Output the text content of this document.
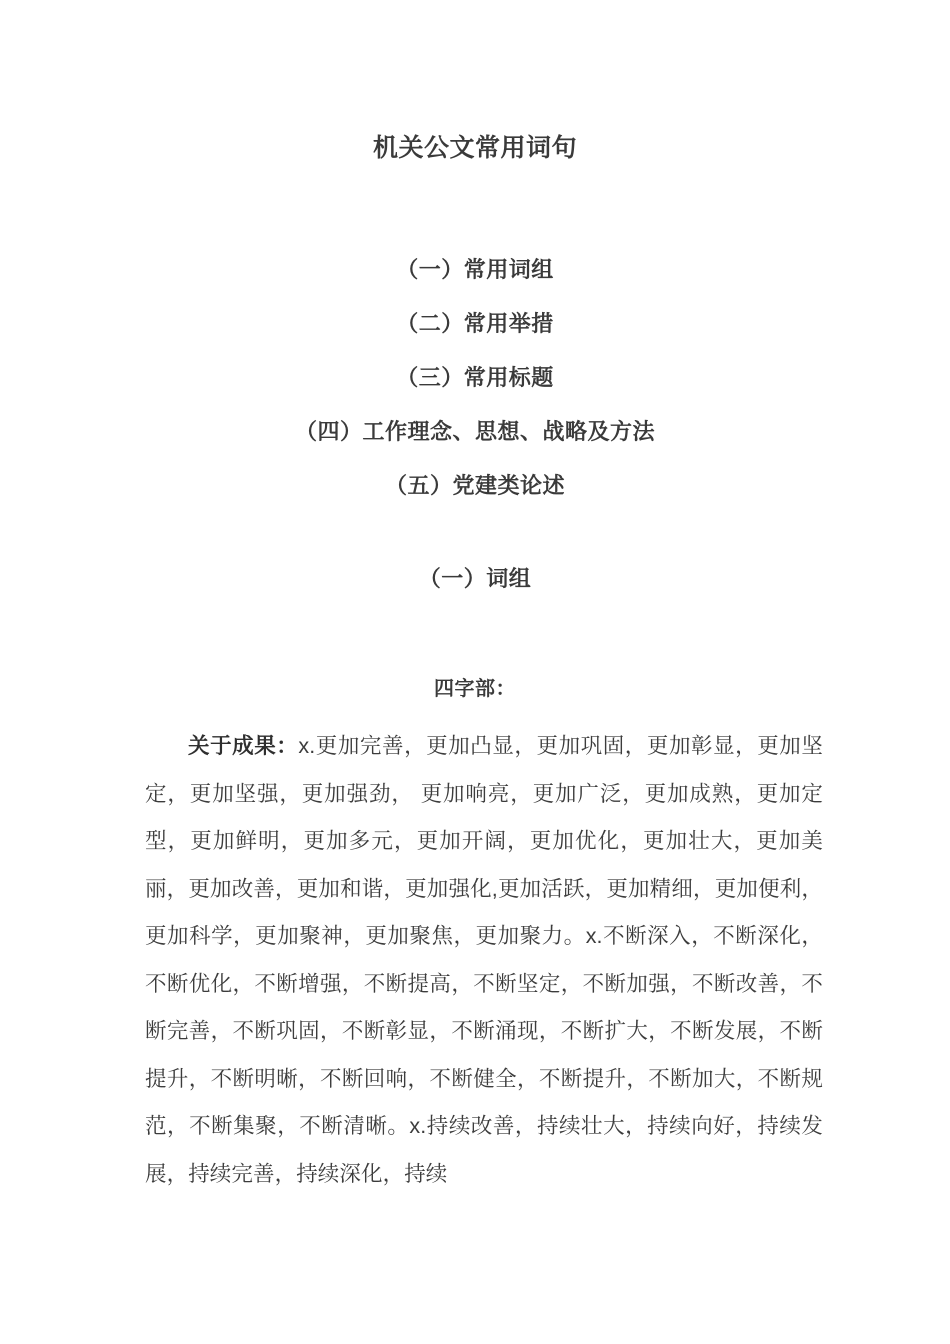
机关公文常用词句
（一）常用词组
（二）常用举措
（三）常用标题
（四）工作理念、思想、战略及方法
（五）党建类论述
（一）词组
四字部：

关于成果：x.更加完善，更加凸显，更加巩固，更加彰显，更加坚定，更加坚强，更加强劲， 更加响亮，更加广泛，更加成熟，更加定型，更加鲜明，更加多元，更加开阔，更加优化，更加壮大，更加美丽，更加改善，更加和谐，更加强化,更加活跃，更加精细，更加便利，更加科学，更加聚神，更加聚焦，更加聚力。x.不断深入，不断深化，不断优化，不断增强，不断提高，不断坚定，不断加强，不断改善，不断完善，不断巩固，不断彰显，不断涌现，不断扩大，不断发展，不断提升，不断明晰，不断回响，不断健全，不断提升，不断加大，不断规范，不断集聚，不断清晰。x.持续改善，持续壮大，持续向好，持续发展，持续完善，持续深化，持续
